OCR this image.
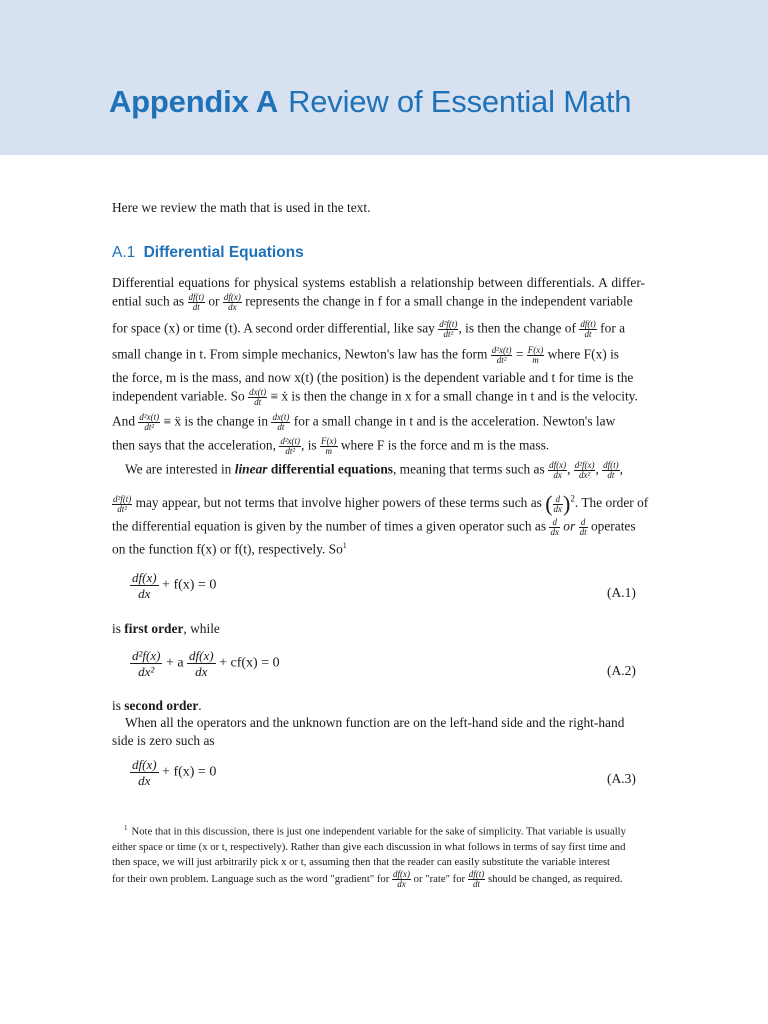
Appendix A Review of Essential Math
Here we review the math that is used in the text.
A.1 Differential Equations
Differential equations for physical systems establish a relationship between differentials. A differ-
ential such as $\frac{df(t)}{dt}$ or $\frac{df(x)}{dx}$ represents the change in f for a small change in the independent variable
for space (x) or time (t). A second order differential, like say $\frac{\text{d²f(t)}}{\text{dt²}}$ , is then the change of $\frac{df(t)}{dt}$ for a
small change in t. From simple mechanics, Newton's law has the form $\frac{\text{d²x(t)}}{\text{dt²}} = \frac{F(x)}{m}$ where F(x) is
the force, m is the mass, and now x(t) (the position) is the dependent variable and t for time is the
independent variable. So $\frac{dx(t)}{dt}$ ≡ ẋ is then the change in x for a small change in t and is the velocity.
And $\frac{\text{d²x(t)}}{\text{dt²}}$ ≡ ẍ is the change in $\frac{dx(t)}{dt}$ for a small change in t and is the acceleration. Newton's law
then says that the acceleration, $\frac{\text{d²x(t)}}{\text{dt²}}$ , is $\frac{F(x)}{m}$ where F is the force and m is the mass.
We are interested in linear differential equations, meaning that terms such as $\frac{df(x)}{dx}$ , $\frac{\text{d²f(x)}}{\text{dx²}}$ , $\frac{df(t)}{dt}$ ,
$\frac{\text{d²f(t)}}{\text{dt²}}$ may appear, but not terms that involve higher powers of these terms such as ( $\frac{d}{dx} )^2$. The order of
the differential equation is given by the number of times a given operator such as $\frac{d}{dx}$ or $\frac{d}{dt}$ operates
on the function f(x) or f(t), respectively. So$^1$
$\frac{df(x)}{dx} + f(x) = 0$	(A.1)
is first order, while
$\frac{\text{d²f(x)}}{\text{dx²}} + a \frac{df(x)}{dx} + cf(x) = 0$	(A.2)
is second order.
When all the operators and the unknown function are on the left-hand side and the right-hand
side is zero such as
$\frac{df(x)}{dx} + f(x) = 0$	(A.3)
$^1$ Note that in this discussion, there is just one independent variable for the sake of simplicity. That variable is usually
either space or time (x or t, respectively). Rather than give each discussion in what follows in terms of say first time and
then space, we will just arbitrarily pick x or t, assuming then that the reader can easily substitute the variable interest
for their own problem. Language such as the word "gradient" for $\frac{df(x)}{dx}$ or "rate" for $\frac{df(t)}{dt}$ should be changed, as required.
